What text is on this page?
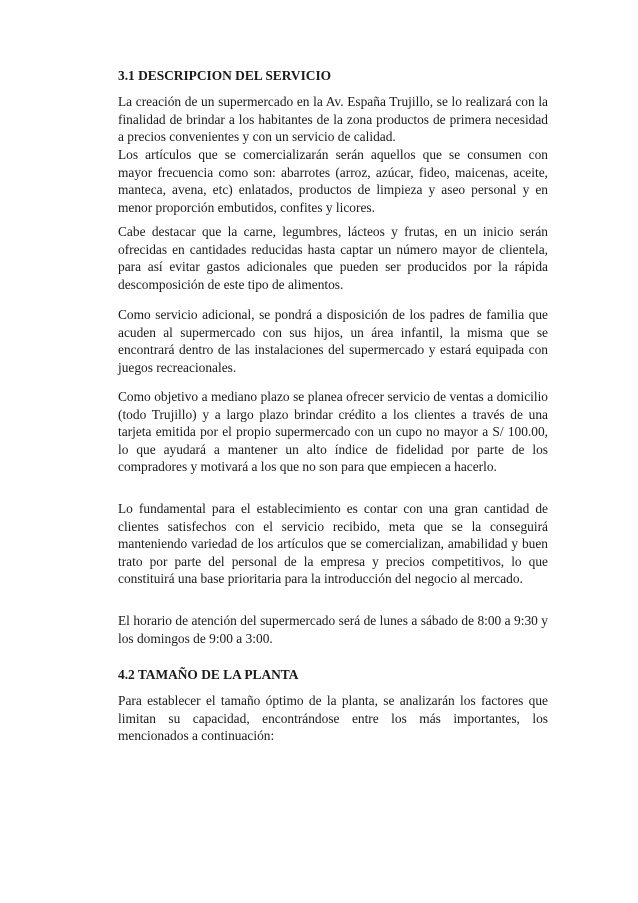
3.1 DESCRIPCION DEL SERVICIO

La creación de un supermercado en la Av. España Trujillo, se lo realizará con la finalidad de brindar a los habitantes de la zona productos de primera necesidad a precios convenientes y con un servicio de calidad.

Los artículos que se comercializarán serán aquellos que se consumen con mayor frecuencia como son: abarrotes (arroz, azúcar, fideo, maicenas, aceite, manteca, avena, etc) enlatados, productos de limpieza y aseo personal y en menor proporción embutidos, confites y licores.

Cabe destacar que la carne, legumbres, lácteos y frutas, en un inicio serán ofrecidas en cantidades reducidas hasta captar un número mayor de clientela, para así evitar gastos adicionales que pueden ser producidos por la rápida descomposición de este tipo de alimentos.

Como servicio adicional, se pondrá a disposición de los padres de familia que acuden al supermercado con sus hijos, un área infantil, la misma que se encontrará dentro de las instalaciones del supermercado y estará equipada con juegos recreacionales.

Como objetivo a mediano plazo se planea ofrecer servicio de ventas a domicilio (todo Trujillo) y a largo plazo brindar crédito a los clientes a través de una tarjeta emitida por el propio supermercado con un cupo no mayor a S/ 100.00, lo que ayudará a mantener un alto índice de fidelidad por parte de los compradores y motivará a los que no son para que empiecen a hacerlo.

Lo fundamental para el establecimiento es contar con una gran cantidad de clientes satisfechos con el servicio recibido, meta que se la conseguirá manteniendo variedad de los artículos que se comercializan, amabilidad y buen trato por parte del personal de la empresa y precios competitivos, lo que constituirá una base prioritaria para la introducción del negocio al mercado.

El horario de atención del supermercado será de lunes a sábado de 8:00 a 9:30 y los domingos de 9:00 a 3:00.

4.2 TAMAÑO DE LA PLANTA

Para establecer el tamaño óptimo de la planta, se analizarán los factores que limitan su capacidad, encontrándose entre los más importantes, los mencionados a continuación:
